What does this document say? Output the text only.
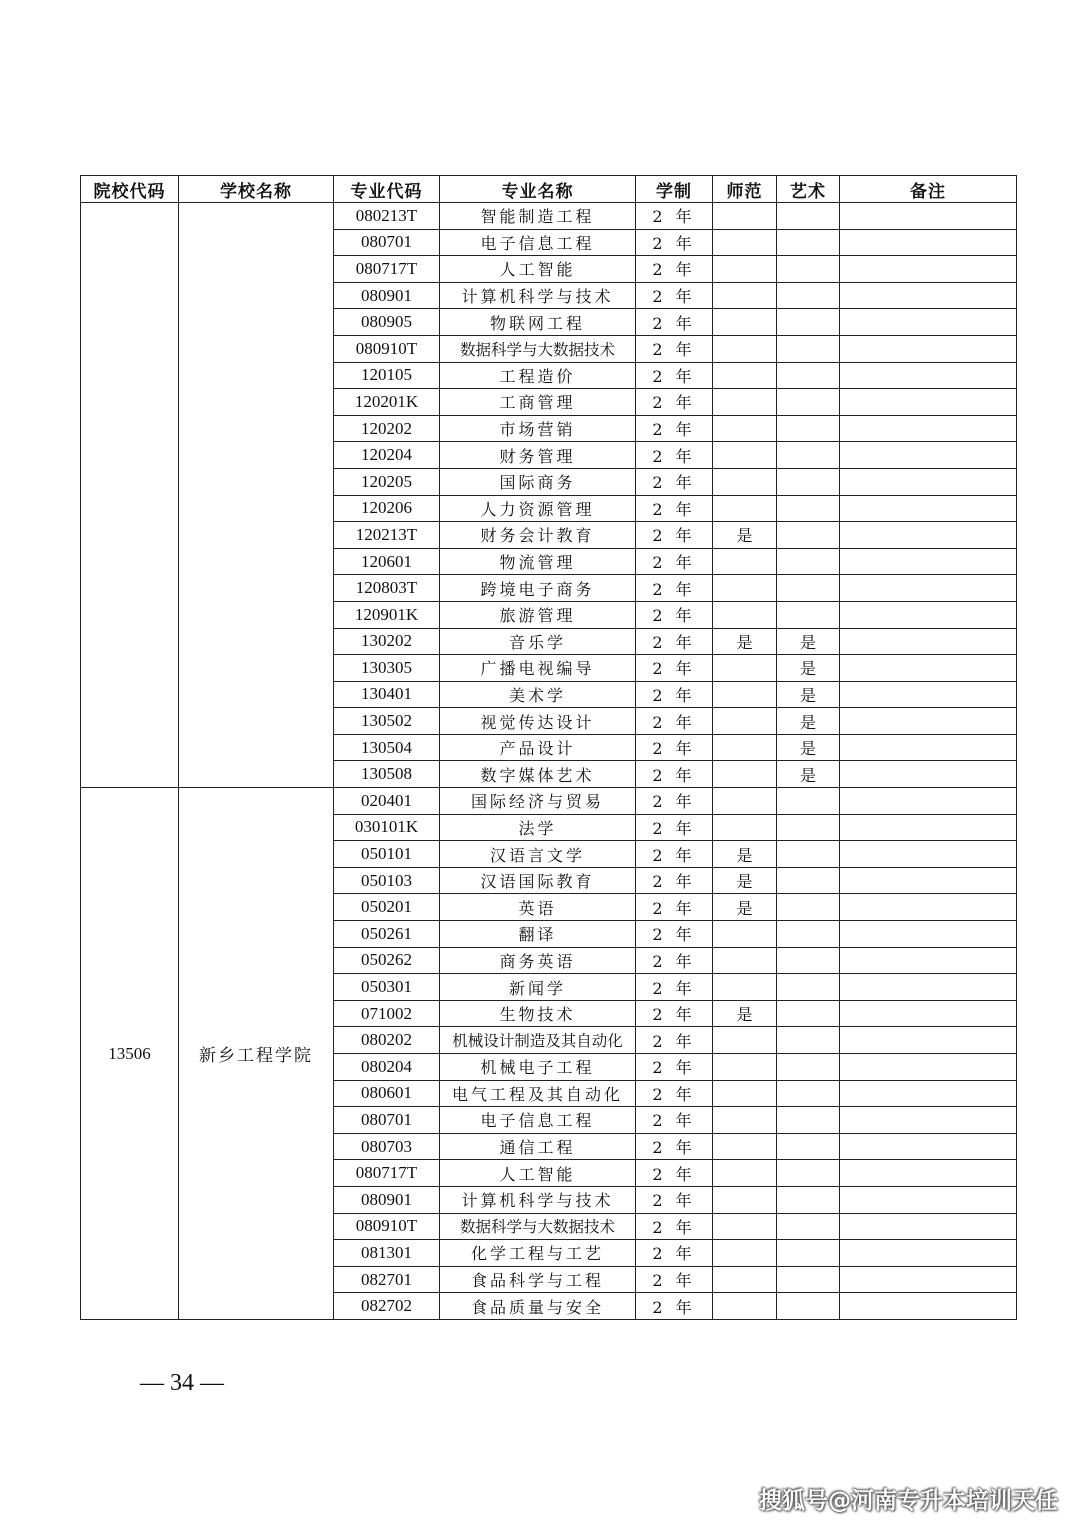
院校代码	学校名称	专业代码	专业名称	学制	师范	艺术	备注
		080213T	智能制造工程	2 年			
		080701	电子信息工程	2 年			
		080717T	人工智能	2 年			
		080901	计算机科学与技术	2 年			
		080905	物联网工程	2 年			
		080910T	数据科学与大数据技术	2 年			
		120105	工程造价	2 年			
		120201K	工商管理	2 年			
		120202	市场营销	2 年			
		120204	财务管理	2 年			
		120205	国际商务	2 年			
		120206	人力资源管理	2 年			
		120213T	财务会计教育	2 年	是		
		120601	物流管理	2 年			
		120803T	跨境电子商务	2 年			
		120901K	旅游管理	2 年			
		130202	音乐学	2 年	是	是	
		130305	广播电视编导	2 年		是	
		130401	美术学	2 年		是	
		130502	视觉传达设计	2 年		是	
		130504	产品设计	2 年		是	
		130508	数字媒体艺术	2 年		是	
13506	新乡工程学院	020401	国际经济与贸易	2 年			
		030101K	法学	2 年			
		050101	汉语言文学	2 年	是		
		050103	汉语国际教育	2 年	是		
		050201	英语	2 年	是		
		050261	翻译	2 年			
		050262	商务英语	2 年			
		050301	新闻学	2 年			
		071002	生物技术	2 年	是		
		080202	机械设计制造及其自动化	2 年			
		080204	机械电子工程	2 年			
		080601	电气工程及其自动化	2 年			
		080701	电子信息工程	2 年			
		080703	通信工程	2 年			
		080717T	人工智能	2 年			
		080901	计算机科学与技术	2 年			
		080910T	数据科学与大数据技术	2 年			
		081301	化学工程与工艺	2 年			
		082701	食品科学与工程	2 年			
		082702	食品质量与安全	2 年			
— 34 —
搜狐号@河南专升本培训天任
